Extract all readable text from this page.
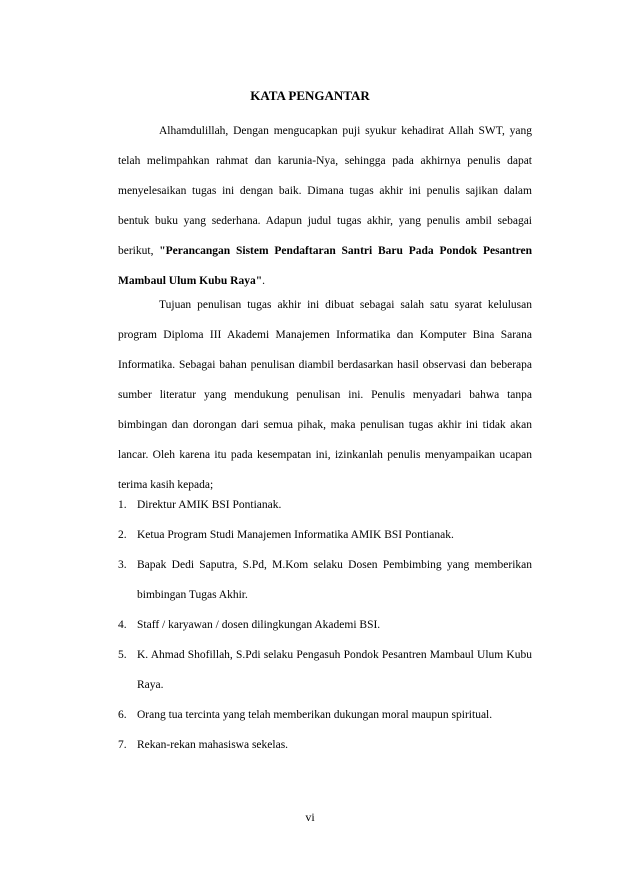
KATA PENGANTAR

Alhamdulillah, Dengan mengucapkan puji syukur kehadirat Allah SWT, yang telah melimpahkan rahmat dan karunia-Nya, sehingga pada akhirnya penulis dapat menyelesaikan tugas ini dengan baik. Dimana tugas akhir ini penulis sajikan dalam bentuk buku yang sederhana. Adapun judul tugas akhir, yang penulis ambil sebagai berikut, "Perancangan Sistem Pendaftaran Santri Baru Pada Pondok Pesantren Mambaul Ulum Kubu Raya".

Tujuan penulisan tugas akhir ini dibuat sebagai salah satu syarat kelulusan program Diploma III Akademi Manajemen Informatika dan Komputer Bina Sarana Informatika. Sebagai bahan penulisan diambil berdasarkan hasil observasi dan beberapa sumber literatur yang mendukung penulisan ini. Penulis menyadari bahwa tanpa bimbingan dan dorongan dari semua pihak, maka penulisan tugas akhir ini tidak akan lancar. Oleh karena itu pada kesempatan ini, izinkanlah penulis menyampaikan ucapan terima kasih kepada;

1. Direktur AMIK BSI Pontianak.
2. Ketua Program Studi Manajemen Informatika AMIK BSI Pontianak.
3. Bapak Dedi Saputra, S.Pd, M.Kom selaku Dosen Pembimbing yang memberikan bimbingan Tugas Akhir.
4. Staff / karyawan / dosen dilingkungan Akademi BSI.
5. K. Ahmad Shofillah, S.Pdi selaku Pengasuh Pondok Pesantren Mambaul Ulum Kubu Raya.
6. Orang tua tercinta yang telah memberikan dukungan moral maupun spiritual.
7. Rekan-rekan mahasiswa sekelas.
vi
